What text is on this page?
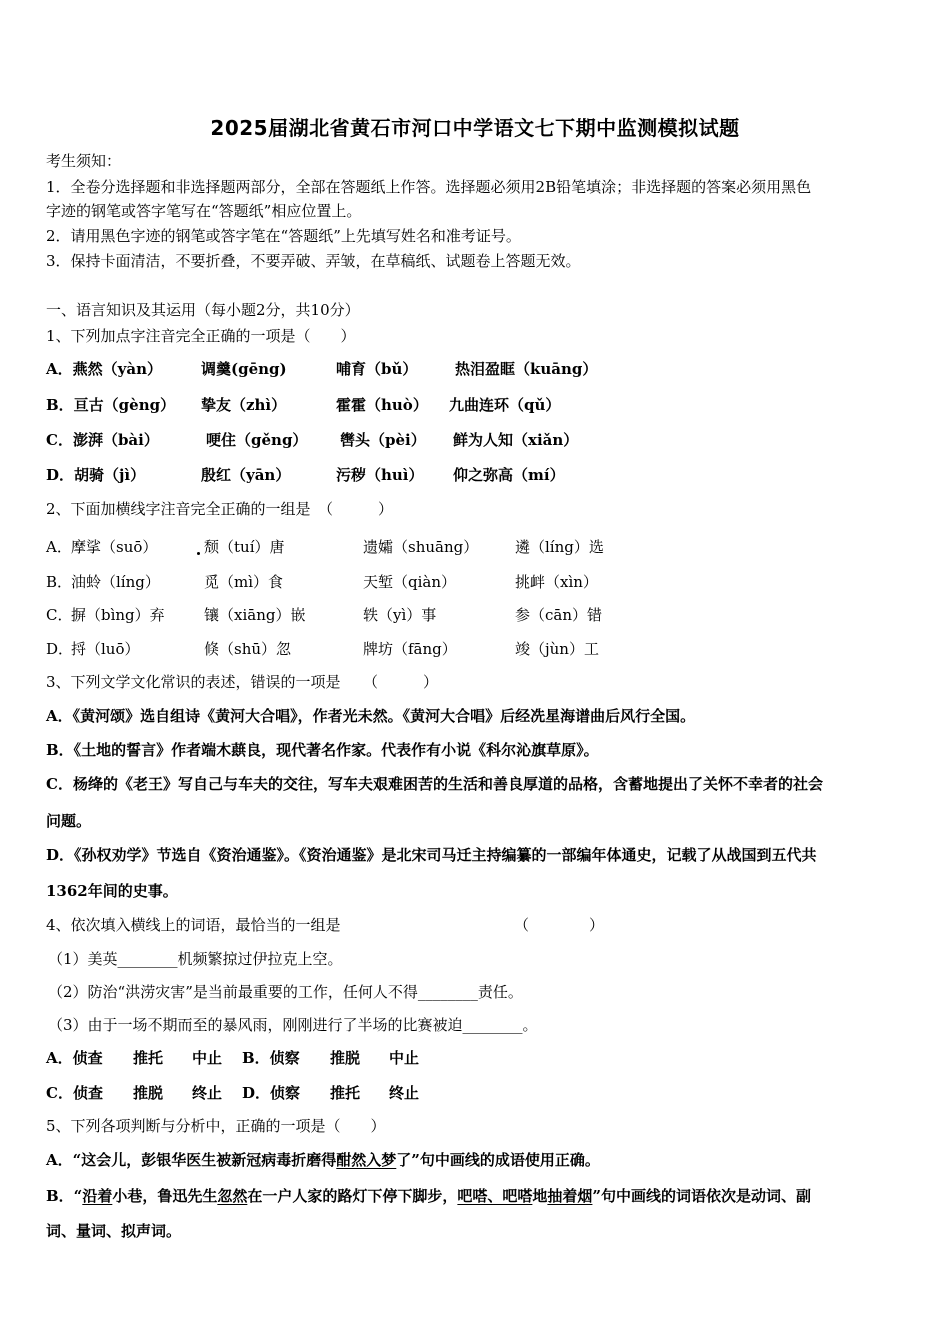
2025届湖北省黄石市河口中学语文七下期中监测模拟试题
考生须知：
1．全卷分选择题和非选择题两部分，全部在答题纸上作答。选择题必须用2B铅笔填涂；非选择题的答案必须用黑色
字迹的钢笔或答字笔写在“答题纸”相应位置上。
2．请用黑色字迹的钢笔或答字笔在“答题纸”上先填写姓名和准考证号。
3．保持卡面清洁，不要折叠，不要弄破、弄皱，在草稿纸、试题卷上答题无效。
一、语言知识及其运用（每小题2分，共10分）
1、下列加点字注音完全正确的一项是（　　）
A．燕然（yàn）	调羹(gēng)	哺育（bǔ）	热泪盈眶（kuāng）
B．亘古（gèng） 挚友（zhì）	霍霍（huò） 九曲连环（qǔ）
C．澎湃（bài）	哽住（gěng） 辔头（pèi） 鲜为人知（xiǎn）
D．胡骑（jì）	殷红（yān）	污秽（huì） 仰之弥高（mí）
2、下面加横线字注音完全正确的一组是　（　　　）
A． 摩挲（suō）	颓（tuí）唐	遗孀（shuāng） 遴（líng）选
B．
油蛉（líng）	觅（mì）食	天堑（qiàn）	挑衅（xìn）
C．
摒（bìng）弃	镶（xiāng）嵌	轶（yì）事	参（cān）错
D．
捋（luō）	倏（shū）忽	牌坊（fāng）	竣（jùn）工
3、下列文学文化常识的表述，错误的一项是　　（　　　）
A．《黄河颂》选自组诗《黄河大合唱》，作者光未然。《黄河大合唱》后经冼星海谱曲后风行全国。
B．《土地的誓言》作者端木蕻良，现代著名作家。代表作有小说《科尔沁旗草原》。
C．杨绛的《老王》写自己与车夫的交往，写车夫艰难困苦的生活和善良厚道的品格，含蓄地提出了关怀不幸者的社会
问题。
D．《孙权劝学》节选自《资治通鉴》。《资治通鉴》是北宋司马迁主持编纂的一部编年体通史，记载了从战国到五代共
1362年间的史事。
4、依次填入横线上的词语，最恰当的一组是	（　　　　）
（1）美英________机频繁掠过伊拉克上空。
（2）防治“洪涝灾害”是当前最重要的工作，任何人不得________责任。
（3）由于一场不期而至的暴风雨，刚刚进行了半场的比赛被迫________。
A．侦查 推托 中止 B．侦察 推脱 中止
C．侦查 推脱 终止 D．侦察 推托 终止
5、下列各项判断与分析中，正确的一项是（　　）
A．“这会儿，彭银华医生被新冠病毒折磨得酣然入梦了”句中画线的成语使用正确。
B．“沿着小巷，鲁迅先生忽然在一户人家的路灯下停下脚步，吧嗒、吧嗒地抽着烟”句中画线的词语依次是动词、副
词、量词、拟声词。
